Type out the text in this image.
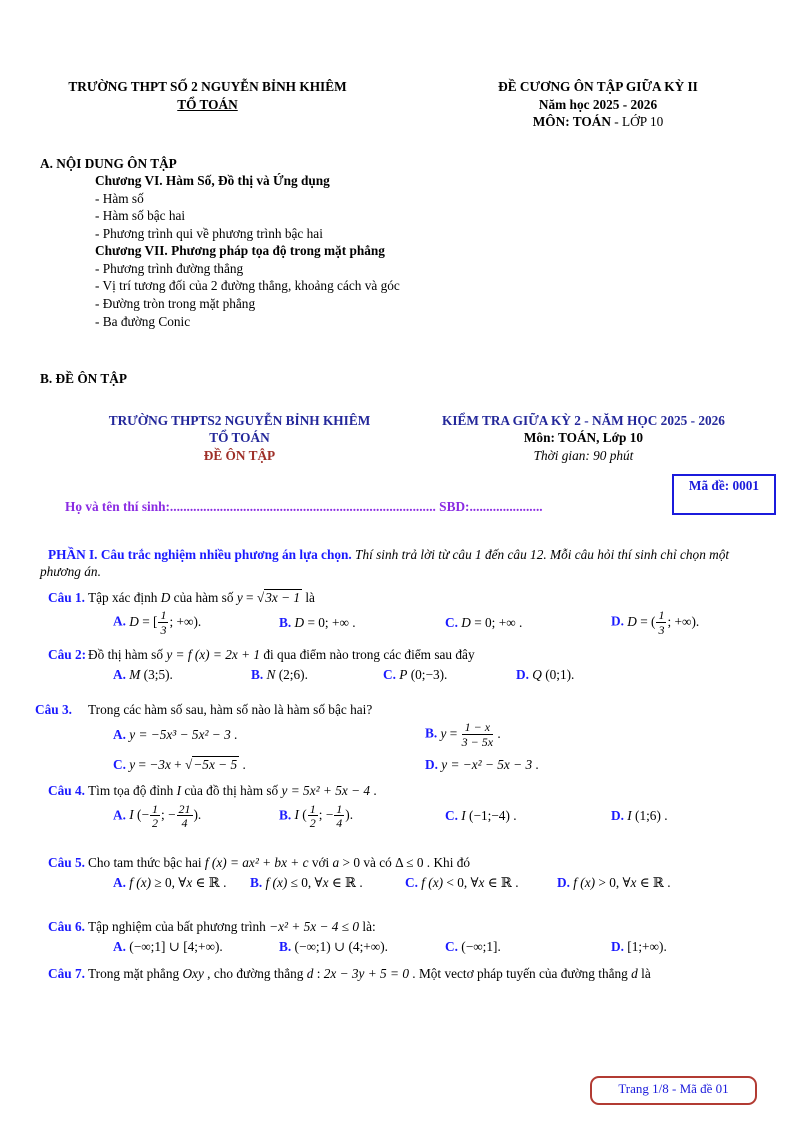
TRƯỜNG THPT SỐ 2 NGUYỄN BỈNH KHIÊM
TỔ TOÁN
ĐỀ CƯƠNG ÔN TẬP GIỮA KỲ II
Năm học 2025 - 2026
MÔN: TOÁN - LỚP 10
A. NỘI DUNG ÔN TẬP
Chương VI. Hàm Số, Đồ thị và Ứng dụng
- Hàm số
- Hàm số bậc hai
- Phương trình qui về phương trình bậc hai
Chương VII. Phương pháp tọa độ trong mặt phẳng
- Phương trình đường thẳng
- Vị trí tương đối của 2 đường thẳng, khoảng cách và góc
- Đường tròn trong mặt phẳng
- Ba đường Conic
B. ĐỀ ÔN TẬP
TRƯỜNG THPTS2 NGUYỄN BỈNH KHIÊM
TỔ TOÁN
ĐỀ ÔN TẬP
KIỂM TRA GIỮA KỲ 2 - NĂM HỌC 2025 - 2026
Môn: TOÁN, Lớp 10
Thời gian: 90 phút
Mã đề: 0001
Họ và tên thí sinh:................................................................................ SBD:......................
PHẦN I. Câu trắc nghiệm nhiều phương án lựa chọn. Thí sinh trả lời từ câu 1 đến câu 12. Mỗi câu hỏi thí sinh chỉ chọn một phương án.
Câu 1. Tập xác định D của hàm số y = √3x − 1 là
A. D = [ $\frac{1}{3}$ ; +∞).	B. D = 0; +∞ .	C. D = 0; +∞ .	D. D = ( $\frac{1}{3}$ ; +∞).
Câu 2: Đồ thị hàm số y = f (x) = 2x + 1 đi qua điểm nào trong các điểm sau đây
A. M (3;5).	B. N (2;6).	C. P (0;−3).	D. Q (0;1).
Câu 3.	Trong các hàm số sau, hàm số nào là hàm số bậc hai?
A. y = −5x³ − 5x² − 3 .	B. $y = \frac{1 - x}{3 - 5x}$ .
C. y = −3x + √−5x − 5 .	D. y = −x² − 5x − 3 .
Câu 4. Tìm tọa độ đỉnh I của đồ thị hàm số y = 5x² + 5x − 4 .
A. I (− $\frac{1}{2}$ ; − $\frac{21}{4}$ ).	B. I ( $\frac{1}{2}$ ; − $\frac{1}{4}$ ).	C. I (−1;−4) .	D. I (1;6) .
Câu 5. Cho tam thức bậc hai f (x) = ax² + bx + c với a > 0 và có Δ ≤ 0 . Khi đó
A. f (x) ≥ 0, ∀x ∈ ℝ .	B. f (x) ≤ 0, ∀x ∈ ℝ .	C. f (x) < 0, ∀x ∈ ℝ .	D. f (x) > 0, ∀x ∈ ℝ .
Câu 6. Tập nghiệm của bất phương trình −x² + 5x − 4 ≤ 0 là:
A. (−∞;1] ∪ [4;+∞).	B. (−∞;1) ∪ (4;+∞).	C. (−∞;1].	D. [1;+∞).
Câu 7. Trong mặt phẳng Oxy , cho đường thẳng d : 2x − 3y + 5 = 0 . Một vectơ pháp tuyến của đường thẳng d là
Trang 1/8 - Mã đề 01
